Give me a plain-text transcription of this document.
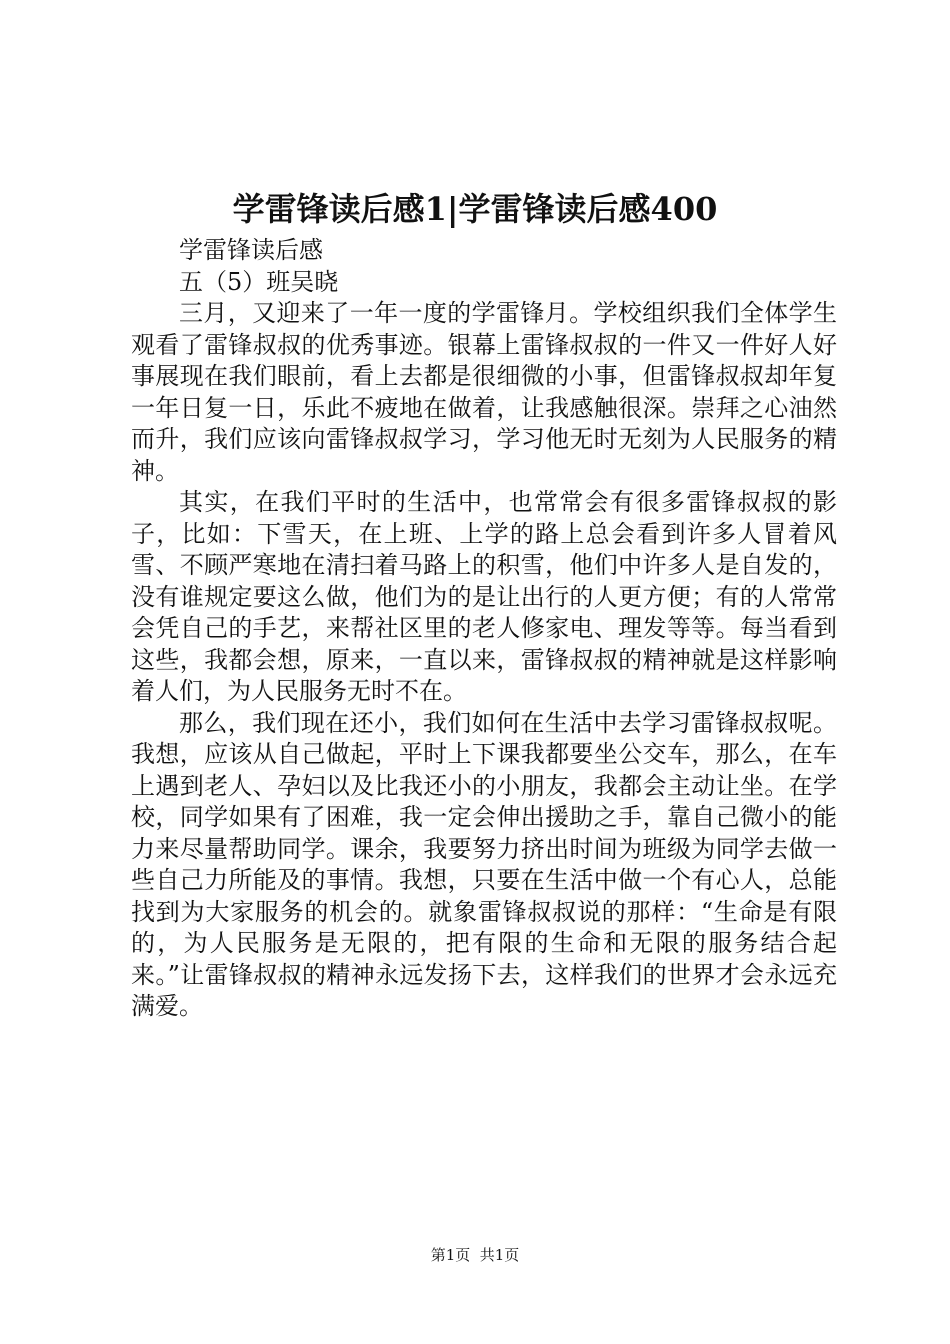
学雷锋读后感1|学雷锋读后感400

学雷锋读后感

五（5）班吴晓

三月，又迎来了一年一度的学雷锋月。学校组织我们全体学生观看了雷锋叔叔的优秀事迹。银幕上雷锋叔叔的一件又一件好人好事展现在我们眼前，看上去都是很细微的小事，但雷锋叔叔却年复一年日复一日，乐此不疲地在做着，让我感触很深。崇拜之心油然而升，我们应该向雷锋叔叔学习，学习他无时无刻为人民服务的精神。

其实，在我们平时的生活中，也常常会有很多雷锋叔叔的影子，比如：下雪天，在上班、上学的路上总会看到许多人冒着风雪、不顾严寒地在清扫着马路上的积雪，他们中许多人是自发的，没有谁规定要这么做，他们为的是让出行的人更方便；有的人常常会凭自己的手艺，来帮社区里的老人修家电、理发等等。每当看到这些，我都会想，原来，一直以来，雷锋叔叔的精神就是这样影响着人们，为人民服务无时不在。

那么，我们现在还小，我们如何在生活中去学习雷锋叔叔呢。我想，应该从自己做起，平时上下课我都要坐公交车，那么，在车上遇到老人、孕妇以及比我还小的小朋友，我都会主动让坐。在学校，同学如果有了困难，我一定会伸出援助之手，靠自己微小的能力来尽量帮助同学。课余，我要努力挤出时间为班级为同学去做一些自己力所能及的事情。我想，只要在生活中做一个有心人，总能找到为大家服务的机会的。就象雷锋叔叔说的那样：“生命是有限的，为人民服务是无限的，把有限的生命和无限的服务结合起来。”让雷锋叔叔的精神永远发扬下去，这样我们的世界才会永远充满爱。

第1页  共1页
